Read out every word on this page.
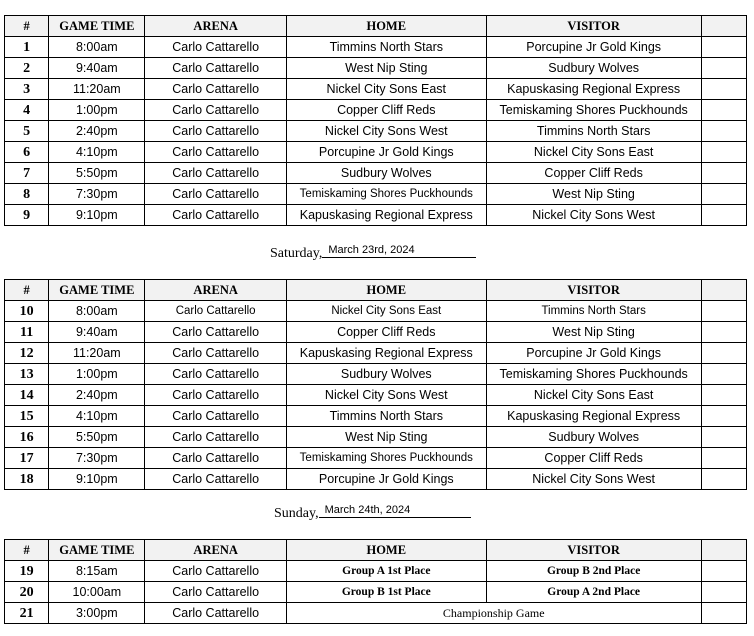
#	GAME TIME	ARENA	HOME	VISITOR	
1	8:00am	Carlo Cattarello	Timmins North Stars	Porcupine Jr Gold Kings	
2	9:40am	Carlo Cattarello	West Nip Sting	Sudbury Wolves	
3	11:20am	Carlo Cattarello	Nickel City Sons East	Kapuskasing Regional Express	
4	1:00pm	Carlo Cattarello	Copper Cliff Reds	Temiskaming Shores Puckhounds	
5	2:40pm	Carlo Cattarello	Nickel City Sons West	Timmins North Stars	
6	4:10pm	Carlo Cattarello	Porcupine Jr Gold Kings	Nickel City Sons East	
7	5:50pm	Carlo Cattarello	Sudbury Wolves	Copper Cliff Reds	
8	7:30pm	Carlo Cattarello	Temiskaming Shores Puckhounds	West Nip Sting	
9	9:10pm	Carlo Cattarello	Kapuskasing Regional Express	Nickel City Sons West	
Saturday, March 23rd, 2024
#	GAME TIME	ARENA	HOME	VISITOR	
10	8:00am	Carlo Cattarello	Nickel City Sons East	Timmins North Stars	
11	9:40am	Carlo Cattarello	Copper Cliff Reds	West Nip Sting	
12	11:20am	Carlo Cattarello	Kapuskasing Regional Express	Porcupine Jr Gold Kings	
13	1:00pm	Carlo Cattarello	Sudbury Wolves	Temiskaming Shores Puckhounds	
14	2:40pm	Carlo Cattarello	Nickel City Sons West	Nickel City Sons East	
15	4:10pm	Carlo Cattarello	Timmins North Stars	Kapuskasing Regional Express	
16	5:50pm	Carlo Cattarello	West Nip Sting	Sudbury Wolves	
17	7:30pm	Carlo Cattarello	Temiskaming Shores Puckhounds	Copper Cliff Reds	
18	9:10pm	Carlo Cattarello	Porcupine Jr Gold Kings	Nickel City Sons West	
Sunday, March 24th, 2024
#	GAME TIME	ARENA	HOME	VISITOR	
19	8:15am	Carlo Cattarello	Group A 1st Place	Group B 2nd Place	
20	10:00am	Carlo Cattarello	Group B 1st Place	Group A 2nd Place	
21	3:00pm	Carlo Cattarello	Championship Game		
